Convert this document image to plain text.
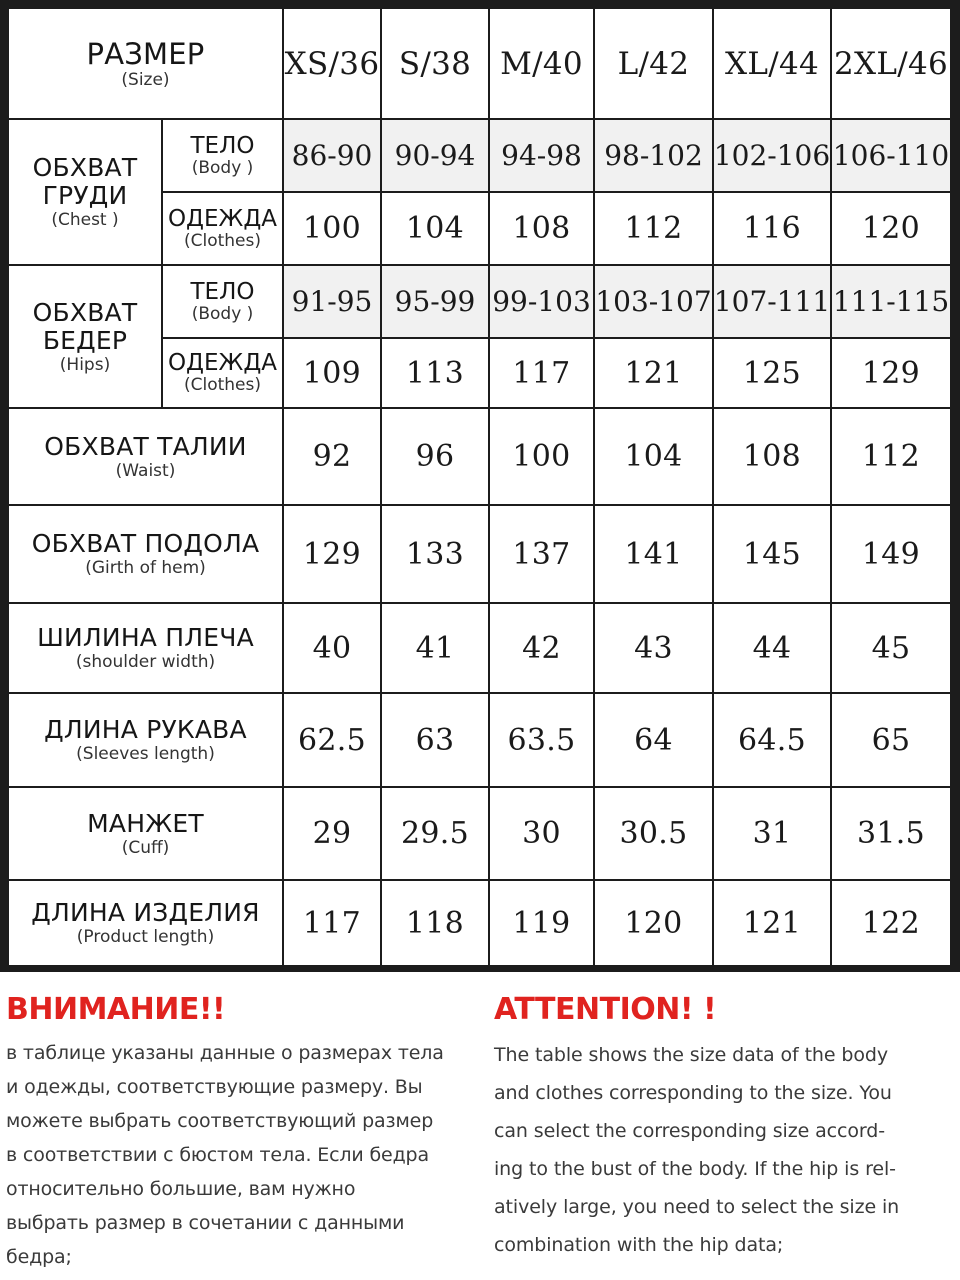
РАЗМЕР
(Size)	XS/36 S/38 M/40 L/42 XL/44 2XL/46
ОБХВАТ
ГРУДИ
(Chest )
ТЕЛО
(Body ) 86-90 90-94 94-98 98-102 102-106 106-110
ОДЕЖДА
(Clothes) 100 104 108 112 116 120
ОБХВАТ
БЕДЕР
(Hips)
ТЕЛО
(Body ) 91-95 95-99 99-103 103-107 107-111 111-115
ОДЕЖДА
(Clothes) 109 113 117 121 125 129
ОБХВАТ ТАЛИИ
(Waist)	92 96 100 104 108 112
ОБХВАТ ПОДОЛА
(Girth of hem)	129 133 137 141 145 149
ШИЛИНА ПЛЕЧА
(shoulder width)	40 41 42 43	44	45
ДЛИНА РУКАВА
(Sleeves length)	62.5 63 63.5 64 64.5 65
МАНЖЕТ
(Cuff)	29 29.5 30 30.5 31 31.5
ДЛИНА ИЗДЕЛИЯ
(Product length)	117 118 119 120 121 122
ВНИМАНИЕ!!
в таблице указаны данные о размерах тела
и одежды, соответствующие размеру. Вы
можете выбрать соответствующий размер
в соответствии с бюстом тела. Если бедра
относительно большие, вам нужно
выбрать размер в сочетании с данными
бедра;
ATTENTION! !
The table shows the size data of the body
and clothes corresponding to the size. You
can select the corresponding size accord-
ing to the bust of the body. If the hip is rel-
atively large, you need to select the size in
combination with the hip data;
